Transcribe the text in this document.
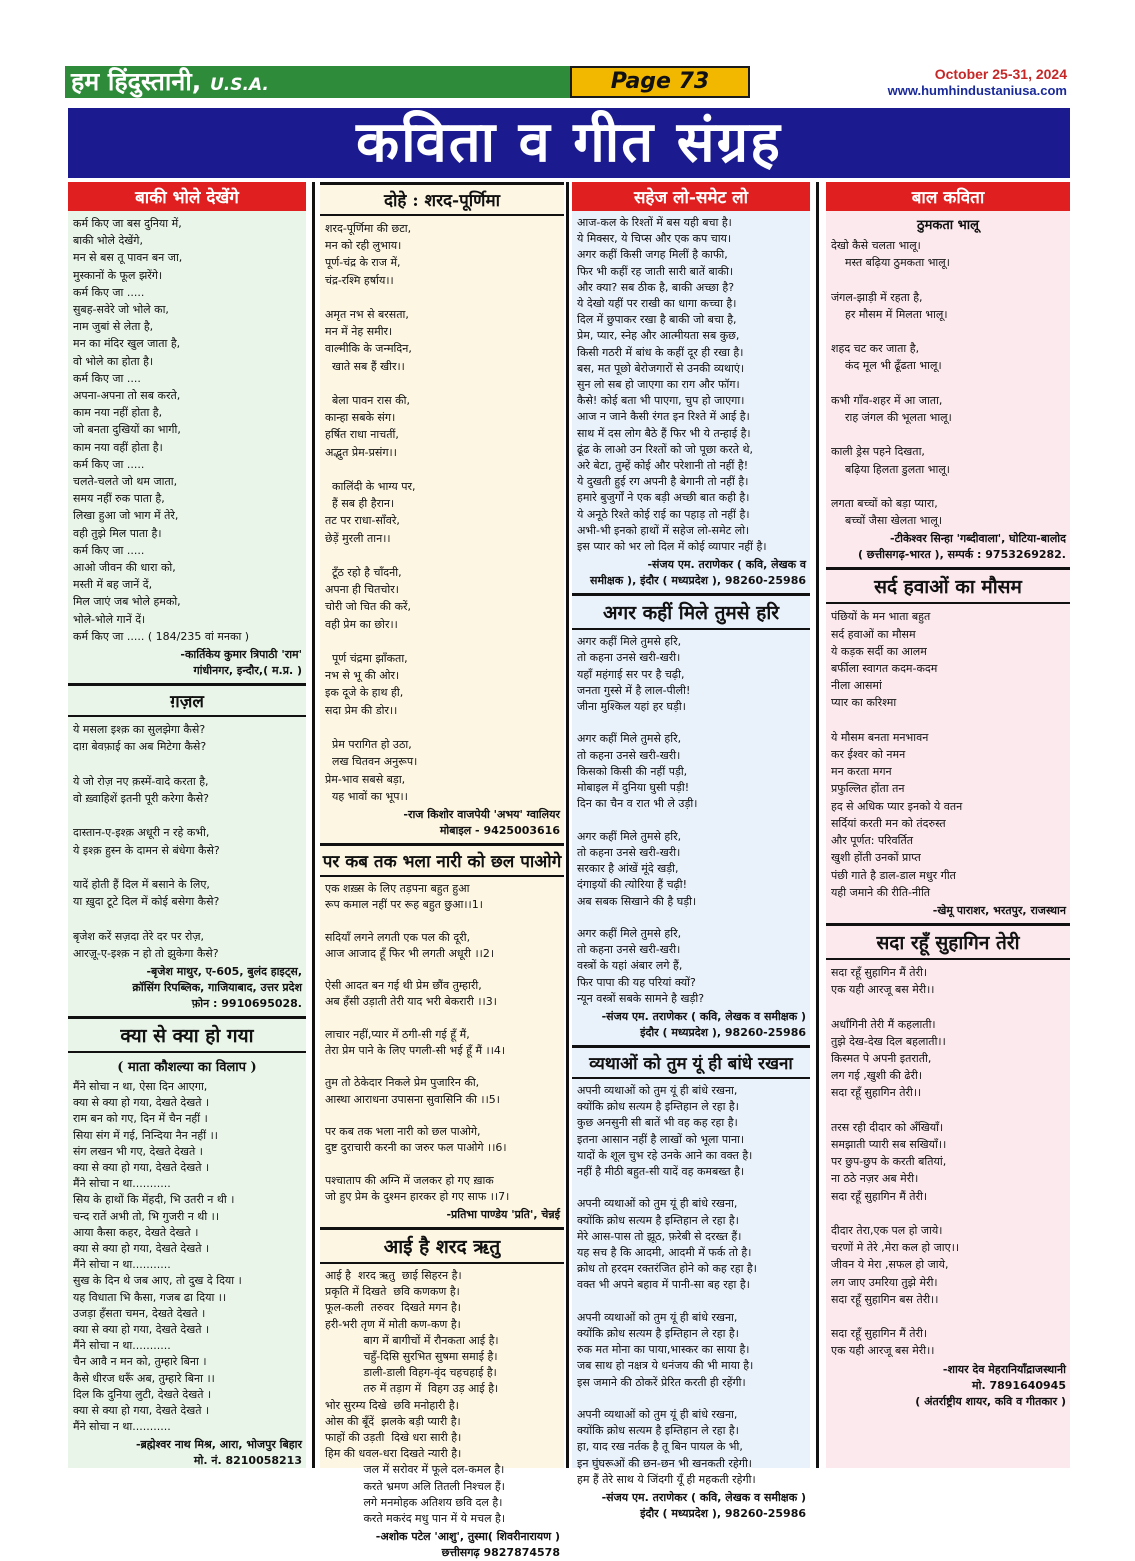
हम हिंदुस्तानी, U.S.A.	Page 73	October 25-31, 2024
www.humhindustaniusa.com
कविता व गीत संग्रह
बाकी भोले देखेंगे
कर्म किए जा बस दुनिया में,
बाकी भोले देखेंगे,
मन से बस तू पावन बन जा,
मुस्कानों के फूल झरेंगे।
कर्म किए जा .....
सुबह-सवेरे जो भोले का,
नाम जुबां से लेता है,
मन का मंदिर खुल जाता है,
वो भोले का होता है।
कर्म किए जा ....
अपना-अपना तो सब करते,
काम नया नहीं होता है,
जो बनता दुखियों का भागी,
काम नया वहीं होता है।
कर्म किए जा .....
चलते-चलते जो थम जाता,
समय नहीं रुक पाता है,
लिखा हुआ जो भाग में तेरे,
वही तुझे मिल पाता है।
कर्म किए जा .....
आओ जीवन की धारा को,
मस्ती में बह जानें दें,
मिल जाएं जब भोले हमको,
भोले-भोले गानें दें।
कर्म किए जा ..... ( 184/235 वां मनका )
-कार्तिकेय कुमार त्रिपाठी 'राम'
गांधीनगर, इन्दौर,( म.प्र. )
ग़ज़ल
ये मसला इश्क़ का सुलझेगा कैसे?
दाग़ बेवफ़ाई का अब मिटेगा कैसे?

ये जो रोज़ नए क़स्में-वादे करता है,
वो ख़्वाहिशें इतनी पूरी करेगा कैसे?

दास्तान-ए-इश्क़ अधूरी न रहे कभी,
ये इश्क़ हुस्न के दामन से बंधेगा कैसे?

यादें होती हैं दिल में बसाने के लिए,
या ख़ुदा टूटे दिल में कोई बसेगा कैसे?

बृजेश करें सज़दा तेरे दर पर रोज़,
आरज़ू-ए-इश्क़ न हो तो झुकेगा कैसे?
-बृजेश माथुर, ए-605, बुलंद हाइट्स,
क्रॉसिंग रिपब्लिक, गाजियाबाद, उत्तर प्रदेश
फ़ोन : 9910695028.
क्या से क्या हो गया
( माता कौशल्या का विलाप )
मैंने सोचा न था, ऐसा दिन आएगा,
क्या से क्या हो गया, देखते देखते ।
राम बन को गए, दिन में चैन नहीं ।
सिया संग में गई, निन्दिया नैन नहीं ।।
संग लखन भी गए, देखते देखते ।
क्या से क्या हो गया, देखते देखते ।
मैंने सोचा न था...........
सिय के हाथों कि मेंहदी, भि उतरी न थी ।
चन्द रातें अभी तो, भि गुजरी न थी ।।
आया कैसा कहर, देखते देखते ।
क्या से क्या हो गया, देखते देखते ।
मैंने सोचा न था...........
सुख के दिन थे जब आए, तो दुख दे दिया ।
यह विधाता भि कैसा, गजब ढा दिया ।।
उजड़ा हँसता चमन, देखते देखते ।
क्या से क्या हो गया, देखते देखते ।
मैंने सोचा न था...........
चैन आवै न मन को, तुम्हारे बिना ।
कैसे धीरज धरूँ अब, तुम्हारे बिना ।।
दिल कि दुनिया लुटी, देखते देखते ।
क्या से क्या हो गया, देखते देखते ।
मैंने सोचा न था...........
-ब्रह्मेश्वर नाथ मिश्र, आरा, भोजपुर बिहार
मो. नं. 8210058213
दोहे : शरद-पूर्णिमा
शरद-पूर्णिमा की छटा,
मन को रही लुभाय।
पूर्ण-चंद्र के राज में,
चंद्र-रश्मि हर्षाय।।

अमृत नभ से बरसता,
मन में नेह समीर।
वाल्मीकि के जन्मदिन,
खाते सब हैं खीर।।

बेला पावन रास की,
कान्हा सबके संग।
हर्षित राधा नाचतीं,
अद्भुत प्रेम-प्रसंग।।

कालिंदी के भाग्य पर,
हैं सब ही हैरान।
तट पर राधा-साँवरे,
छेड़ें मुरली तान।।

टूँठ रहो है चाँदनी,
अपना ही चितचोर।
चोरी जो चित की करें,
वही प्रेम का छोर।।

पूर्ण चंद्रमा झाँकता,
नभ से भू की ओर।
इक दूजे के हाथ ही,
सदा प्रेम की डोर।।

प्रेम परागित हो उठा,
लख चितवन अनुरूप।
प्रेम-भाव सबसे बड़ा,
यह भावों का भूप।।
-राज किशोर वाजपेयी 'अभय' ग्वालियर
मोबाइल - 9425003616
पर कब तक भला नारी को छल पाओगे
एक शख़्स के लिए तड़पना बहुत हुआ
रूप कमाल नहीं पर रूह बहुत छुआ।।1।

सदियाँ लगने लगती एक पल की दूरी,
आज आजाद हूँ फिर भी लगती अधूरी ।।2।

ऐसी आदत बन गई थी प्रेम छौंव तुम्हारी,
अब हँसी उड़ाती तेरी याद भरी बेकरारी ।।3।

लाचार नहीं,प्यार में ठगी-सी गई हूँ मैं,
तेरा प्रेम पाने के लिए पगली-सी भई हूँ मैं ।।4।

तुम तो ठेकेदार निकले प्रेम पुजारिन की,
आस्था आराधना उपासना सुवासिनि की ।।5।

पर कब तक भला नारी को छल पाओगे,
दुष्ट दुराचारी करनी का जरुर फल पाओगे ।।6।

पश्चाताप की अग्नि में जलकर हो गए ख़ाक
जो हुए प्रेम के दुश्मन हारकर हो गए साफ ।।7।
-प्रतिभा पाण्डेय 'प्रति', चेन्नई
आई है शरद ऋतु
आई है  शरद ऋतु  छाई सिहरन है।
प्रकृति में दिखते  छवि कणकण है।
फूल-कली  तरुवर  दिखते मगन है।
हरी-भरी तृण में मोती कण-कण है।
बाग में बागीचों में रौनकता आई है।
चहुँ-दिसि सुरभित सुषमा समाई है।
डाली-डाली विहग-वृंद चहचहाई है।
तरु में तड़ाग में  विहग उड़ आई है।
भोर सुरम्य दिखे  छवि मनोहारी है।
ओस की बूँदें  झलके बड़ी प्यारी है।
फाहों की उड़ती  दिखे धरा सारी है।
हिम की धवल-धरा दिखते न्यारी है।
जल में सरोवर में फूले दल-कमल है।
करते भ्रमण अलि तितली निश्चल हैं।
लगे मनमोहक अतिशय छवि दल है।
करते मकरंद मधु पान में ये मचल है।
-अशोक पटेल 'आशु', तुस्मा( शिवरीनारायण )
छत्तीसगढ़ 9827874578
सहेज लो-समेट लो
आज-कल के रिश्तों में बस यही बचा है।
ये मिक्सर, ये चिप्स और एक कप चाय।
अगर कहीं किसी जगह मिलीं है काफी,
फिर भी कहीं रह जाती सारी बातें बाकी।
और क्या? सब ठीक है, बाकी अच्छा है?
ये देखो यहीं पर राखी का धागा कच्चा है।
दिल में छुपाकर रखा है बाकी जो बचा है,
प्रेम, प्यार, स्नेह और आत्मीयता सब कुछ,
किसी गठरी में बांध के कहीं दूर ही रखा है।
बस, मत पूछो बेरोजगारों से उनकी व्यथाएं।
सुन लो सब हो जाएगा का राग और फॉग।
कैसे! कोई बता भी पाएगा, चुप हो जाएगा।
आज न जाने कैसी रंगत इन रिश्ते में आई है।
साथ में दस लोग बैठे हैं फिर भी ये तन्हाई है।
ढूंढ के लाओ उन रिश्तों को जो पूछा करते थे,
अरे बेटा, तुम्हें कोई और परेशानी तो नहीं है!
ये दुखती हुई रग अपनी है बेगानी तो नहीं है।
हमारे बुजुर्गों ने एक बड़ी अच्छी बात कही है।
ये अनूठे रिश्ते कोई राई का पहाड़ तो नहीं है।
अभी-भी इनको हाथों में सहेज लो-समेट लो।
इस प्यार को भर लो दिल में कोई व्यापार नहीं है।
-संजय एम. तराणेकर ( कवि, लेखक व
समीक्षक ), इंदौर ( मध्यप्रदेश ), 98260-25986
अगर कहीं मिले तुमसे हरि
अगर कहीं मिले तुमसे हरि,
तो कहना उनसे खरी-खरी।
यहाँ महंगाई सर पर है चढ़ी,
जनता गुस्से में है लाल-पीली!
जीना मुश्किल यहां हर घड़ी।

अगर कहीं मिले तुमसे हरि,
तो कहना उनसे खरी-खरी।
किसको किसी की नहीं पड़ी,
मोबाइल में दुनिया घुसी पड़ी!
दिन का चैन व रात भी ले उड़ी।

अगर कहीं मिले तुमसे हरि,
तो कहना उनसे खरी-खरी।
सरकार है आंखें मूंदे खड़ी,
दंगाइयों की त्योरिया हैं चढ़ी!
अब सबक सिखाने की है घड़ी।

अगर कहीं मिले तुमसे हरि,
तो कहना उनसे खरी-खरी।
वस्त्रों के यहां अंबार लगे हैं,
फिर पापा की यह परियां क्यों?
न्यून वस्त्रों सबके सामने है खड़ी?
-संजय एम. तराणेकर ( कवि, लेखक व समीक्षक )
इंदौर ( मध्यप्रदेश ), 98260-25986
व्यथाओं को तुम यूं ही बांधे रखना
अपनी व्यथाओं को तुम यूं ही बांधे रखना,
क्योंकि क्रोध सत्यम है इम्तिहान ले रहा है।
कुछ अनसुनी सी बातें भी वह कह रहा है।
इतना आसान नहीं है लाखों को भूला पाना।
यादों के शूल चुभ रहे उनके आने का वक्त है।
नहीं है मीठी बहुत-सी यादें वह कमबख्त है।

अपनी व्यथाओं को तुम यूं ही बांधे रखना,
क्योंकि क्रोध सत्यम है इम्तिहान ले रहा है।
मेरे आस-पास तो झूठ, फ़रेबी से दरख्त हैं।
यह सच है कि आदमी, आदमी में फर्क तो है।
क्रोध तो हरदम रक्तरंजित होने को कह रहा है।
वक्त भी अपने बहाव में पानी-सा बह रहा है।

अपनी व्यथाओं को तुम यूं ही बांधे रखना,
क्योंकि क्रोध सत्यम है इम्तिहान ले रहा है।
रुक मत मोना का पाया,भास्कर का साया है।
जब साथ हो नक्षत्र ये धनंजय की भी माया है।
इस जमाने की ठोकरें प्रेरित करती ही रहेंगी।

अपनी व्यथाओं को तुम यूं ही बांधे रखना,
क्योंकि क्रोध सत्यम है इम्तिहान ले रहा है।
हा, याद रख नर्तक है तू बिन पायल के भी,
इन घुंघरूओं की छन-छन भी खनकती रहेगी।
हम हैं तेरे साथ ये जिंदगी यूँ ही महकती रहेगी।
-संजय एम. तराणेकर ( कवि, लेखक व समीक्षक )
इंदौर ( मध्यप्रदेश ), 98260-25986
बाल कविता
ठुमकता भालू
देखो कैसे चलता भालू।
मस्त बढ़िया ठुमकता भालू।

जंगल-झाड़ी में रहता है,
हर मौसम में मिलता भालू।

शहद चट कर जाता है,
कंद मूल भी ढूँढता भालू।

कभी गाँव-शहर में आ जाता,
राह जंगल की भूलता भालू।

काली ड्रेस पहने दिखता,
बढ़िया हिलता डुलता भालू।

लगता बच्चों को बड़ा प्यारा,
बच्चों जैसा खेलता भालू।
-टीकेश्वर सिन्हा 'गब्दीवाला', घोटिया-बालोद
( छत्तीसगढ़-भारत ), सम्पर्क : 9753269282.
सर्द हवाओं का मौसम
पंछियों के मन भाता बहुत
सर्द हवाओं का मौसम
ये कड़क सर्दी का आलम
बर्फीला स्वागत कदम-कदम
नीला आसमां
प्यार का करिश्मा

ये मौसम बनता मनभावन
कर ईश्वर को नमन
मन करता मगन
प्रफुल्लित होंता तन
हद से अधिक प्यार इनको ये वतन
सर्दियां करती मन को तंदरुस्त
और पूर्णत: परिवर्तित
खुशी होंती उनकों प्राप्त
पंछी गाते है डाल-डाल मधुर गीत
यही जमाने की रीति-नीति
-खेमू पाराशर, भरतपुर, राजस्थान
सदा रहूँ सुहागिन तेरी
सदा रहूँ सुहागिन मैं तेरी।
एक यही आरजू बस मेरी।।

अर्धांगिनी तेरी मैं कहलाती।
तुझे देख-देख दिल बहलाती।।
किस्मत पे अपनी इतराती,
लग गई ,खुशी की ढेरी।
सदा रहूँ सुहागिन तेरी।।

तरस रही दीदार को अँखियाँ।
समझाती प्यारी सब सखियाँ।।
पर छुप-छुप के करती बतियां,
ना ठठे नज़र अब मेरी।
सदा रहूँ सुहागिन मैं तेरी।

दीदार तेरा,एक पल हो जाये।
चरणों मे तेरे ,मेरा कल हो जाए।।
जीवन ये मेरा ,सफल हो जाये,
लग जाए उमरिया तुझे मेरी।
सदा रहूँ सुहागिन बस तेरी।।

सदा रहूँ सुहागिन मैं तेरी।
एक यही आरजू बस मेरी।।
-शायर देव मेहरानियाँद्राजस्थानी
मो. 7891640945
( अंतर्राष्ट्रीय शायर, कवि व गीतकार )
